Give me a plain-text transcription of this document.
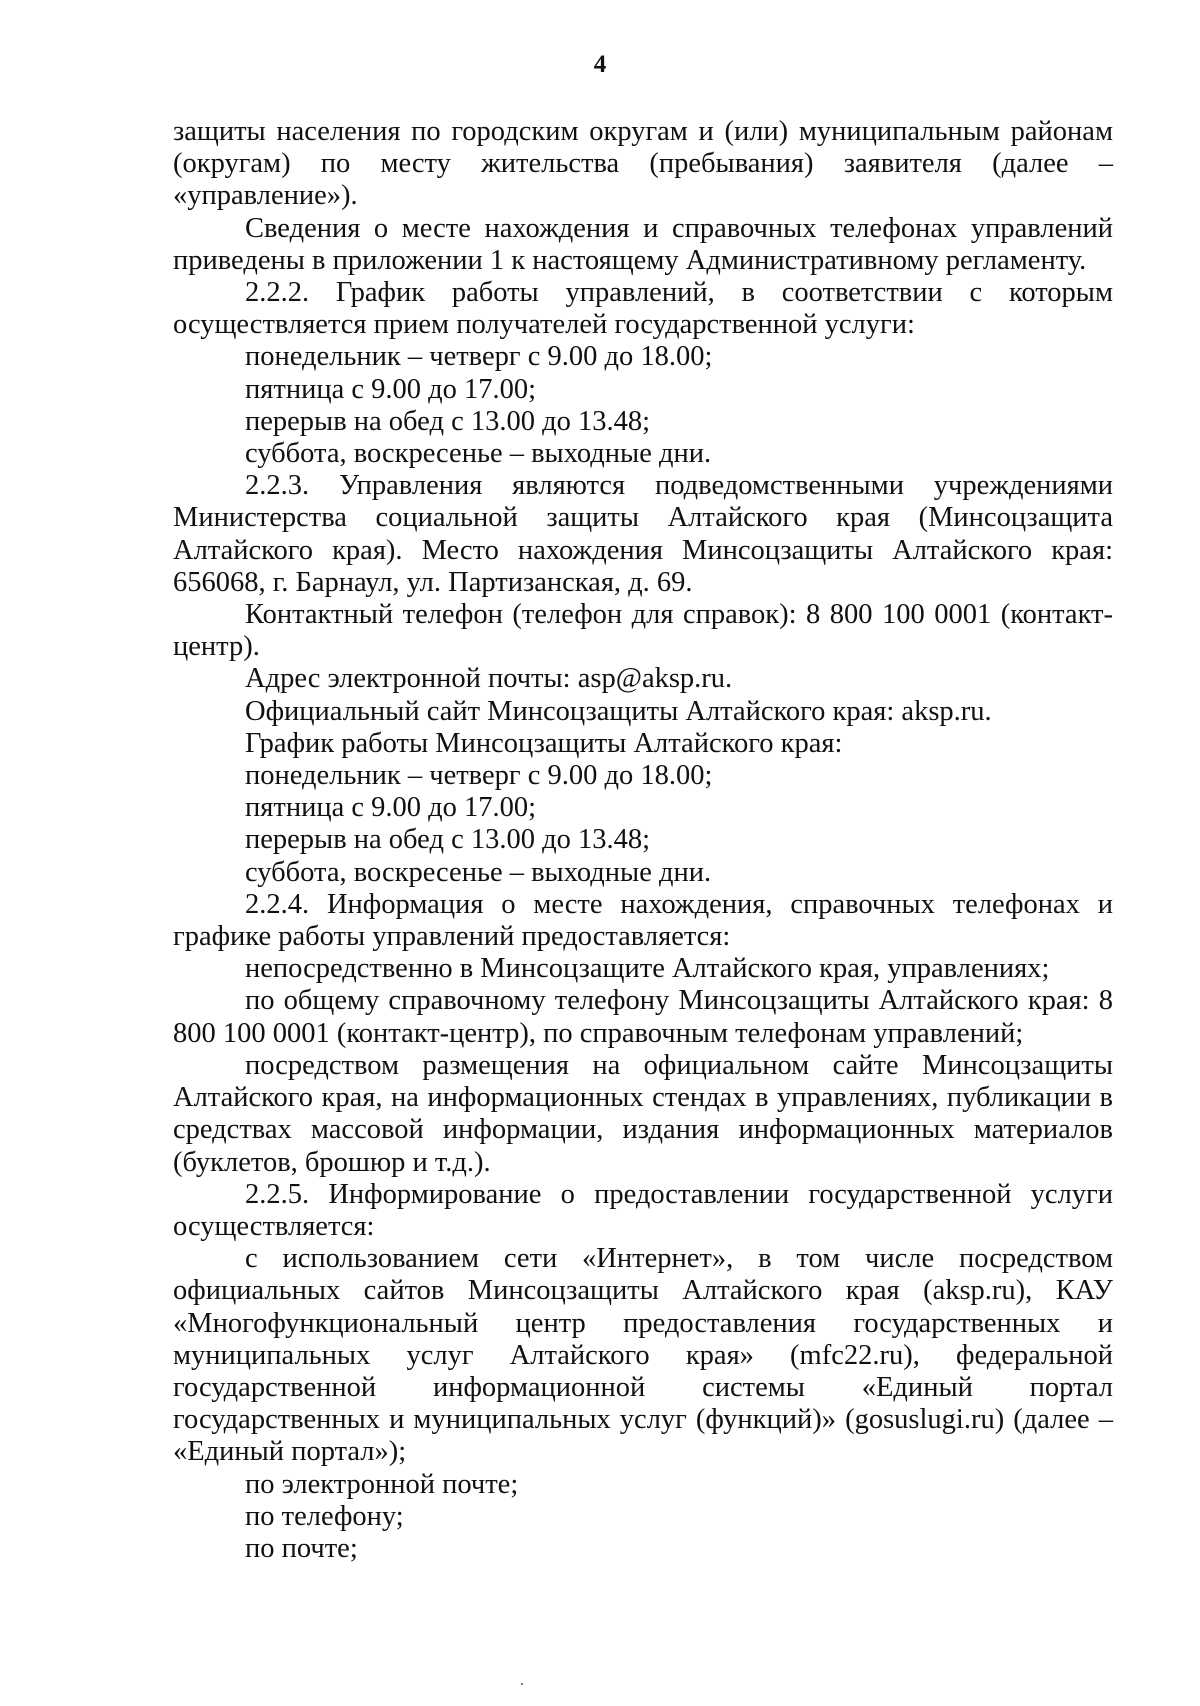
4

защиты населения по городским округам и (или) муниципальным районам (округам) по месту жительства (пребывания) заявителя (далее – «управление»).

Сведения о месте нахождения и справочных телефонах управлений приведены в приложении 1 к настоящему Административному регламенту.

2.2.2. График работы управлений, в соответствии с которым осуществляется прием получателей государственной услуги:

понедельник – четверг с 9.00 до 18.00;

пятница с 9.00 до 17.00;

перерыв на обед с 13.00 до 13.48;

суббота, воскресенье – выходные дни.

2.2.3. Управления являются подведомственными учреждениями Министерства социальной защиты Алтайского края (Минсоцзащита Алтайского края). Место нахождения Минсоцзащиты Алтайского края: 656068, г. Барнаул, ул. Партизанская, д. 69.

Контактный телефон (телефон для справок): 8 800 100 0001 (контакт-центр).

Адрес электронной почты: asp@aksp.ru.

Официальный сайт Минсоцзащиты Алтайского края: aksp.ru.

График работы Минсоцзащиты Алтайского края:

понедельник – четверг с 9.00 до 18.00;

пятница с 9.00 до 17.00;

перерыв на обед с 13.00 до 13.48;

суббота, воскресенье – выходные дни.

2.2.4. Информация о месте нахождения, справочных телефонах и графике работы управлений предоставляется:

непосредственно в Минсоцзащите Алтайского края, управлениях;

по общему справочному телефону Минсоцзащиты Алтайского края: 8 800 100 0001 (контакт-центр), по справочным телефонам управлений;

посредством размещения на официальном сайте Минсоцзащиты Алтайского края, на информационных стендах в управлениях, публикации в средствах массовой информации, издания информационных материалов (буклетов, брошюр и т.д.).

2.2.5. Информирование о предоставлении государственной услуги осуществляется:

с использованием сети «Интернет», в том числе посредством официальных сайтов Минсоцзащиты Алтайского края (aksp.ru), КАУ «Многофункциональный центр предоставления государственных и муниципальных услуг Алтайского края» (mfc22.ru), федеральной государственной информационной системы «Единый портал государственных и муниципальных услуг (функций)» (gosuslugi.ru) (далее – «Единый портал»);

по электронной почте;

по телефону;

по почте;
